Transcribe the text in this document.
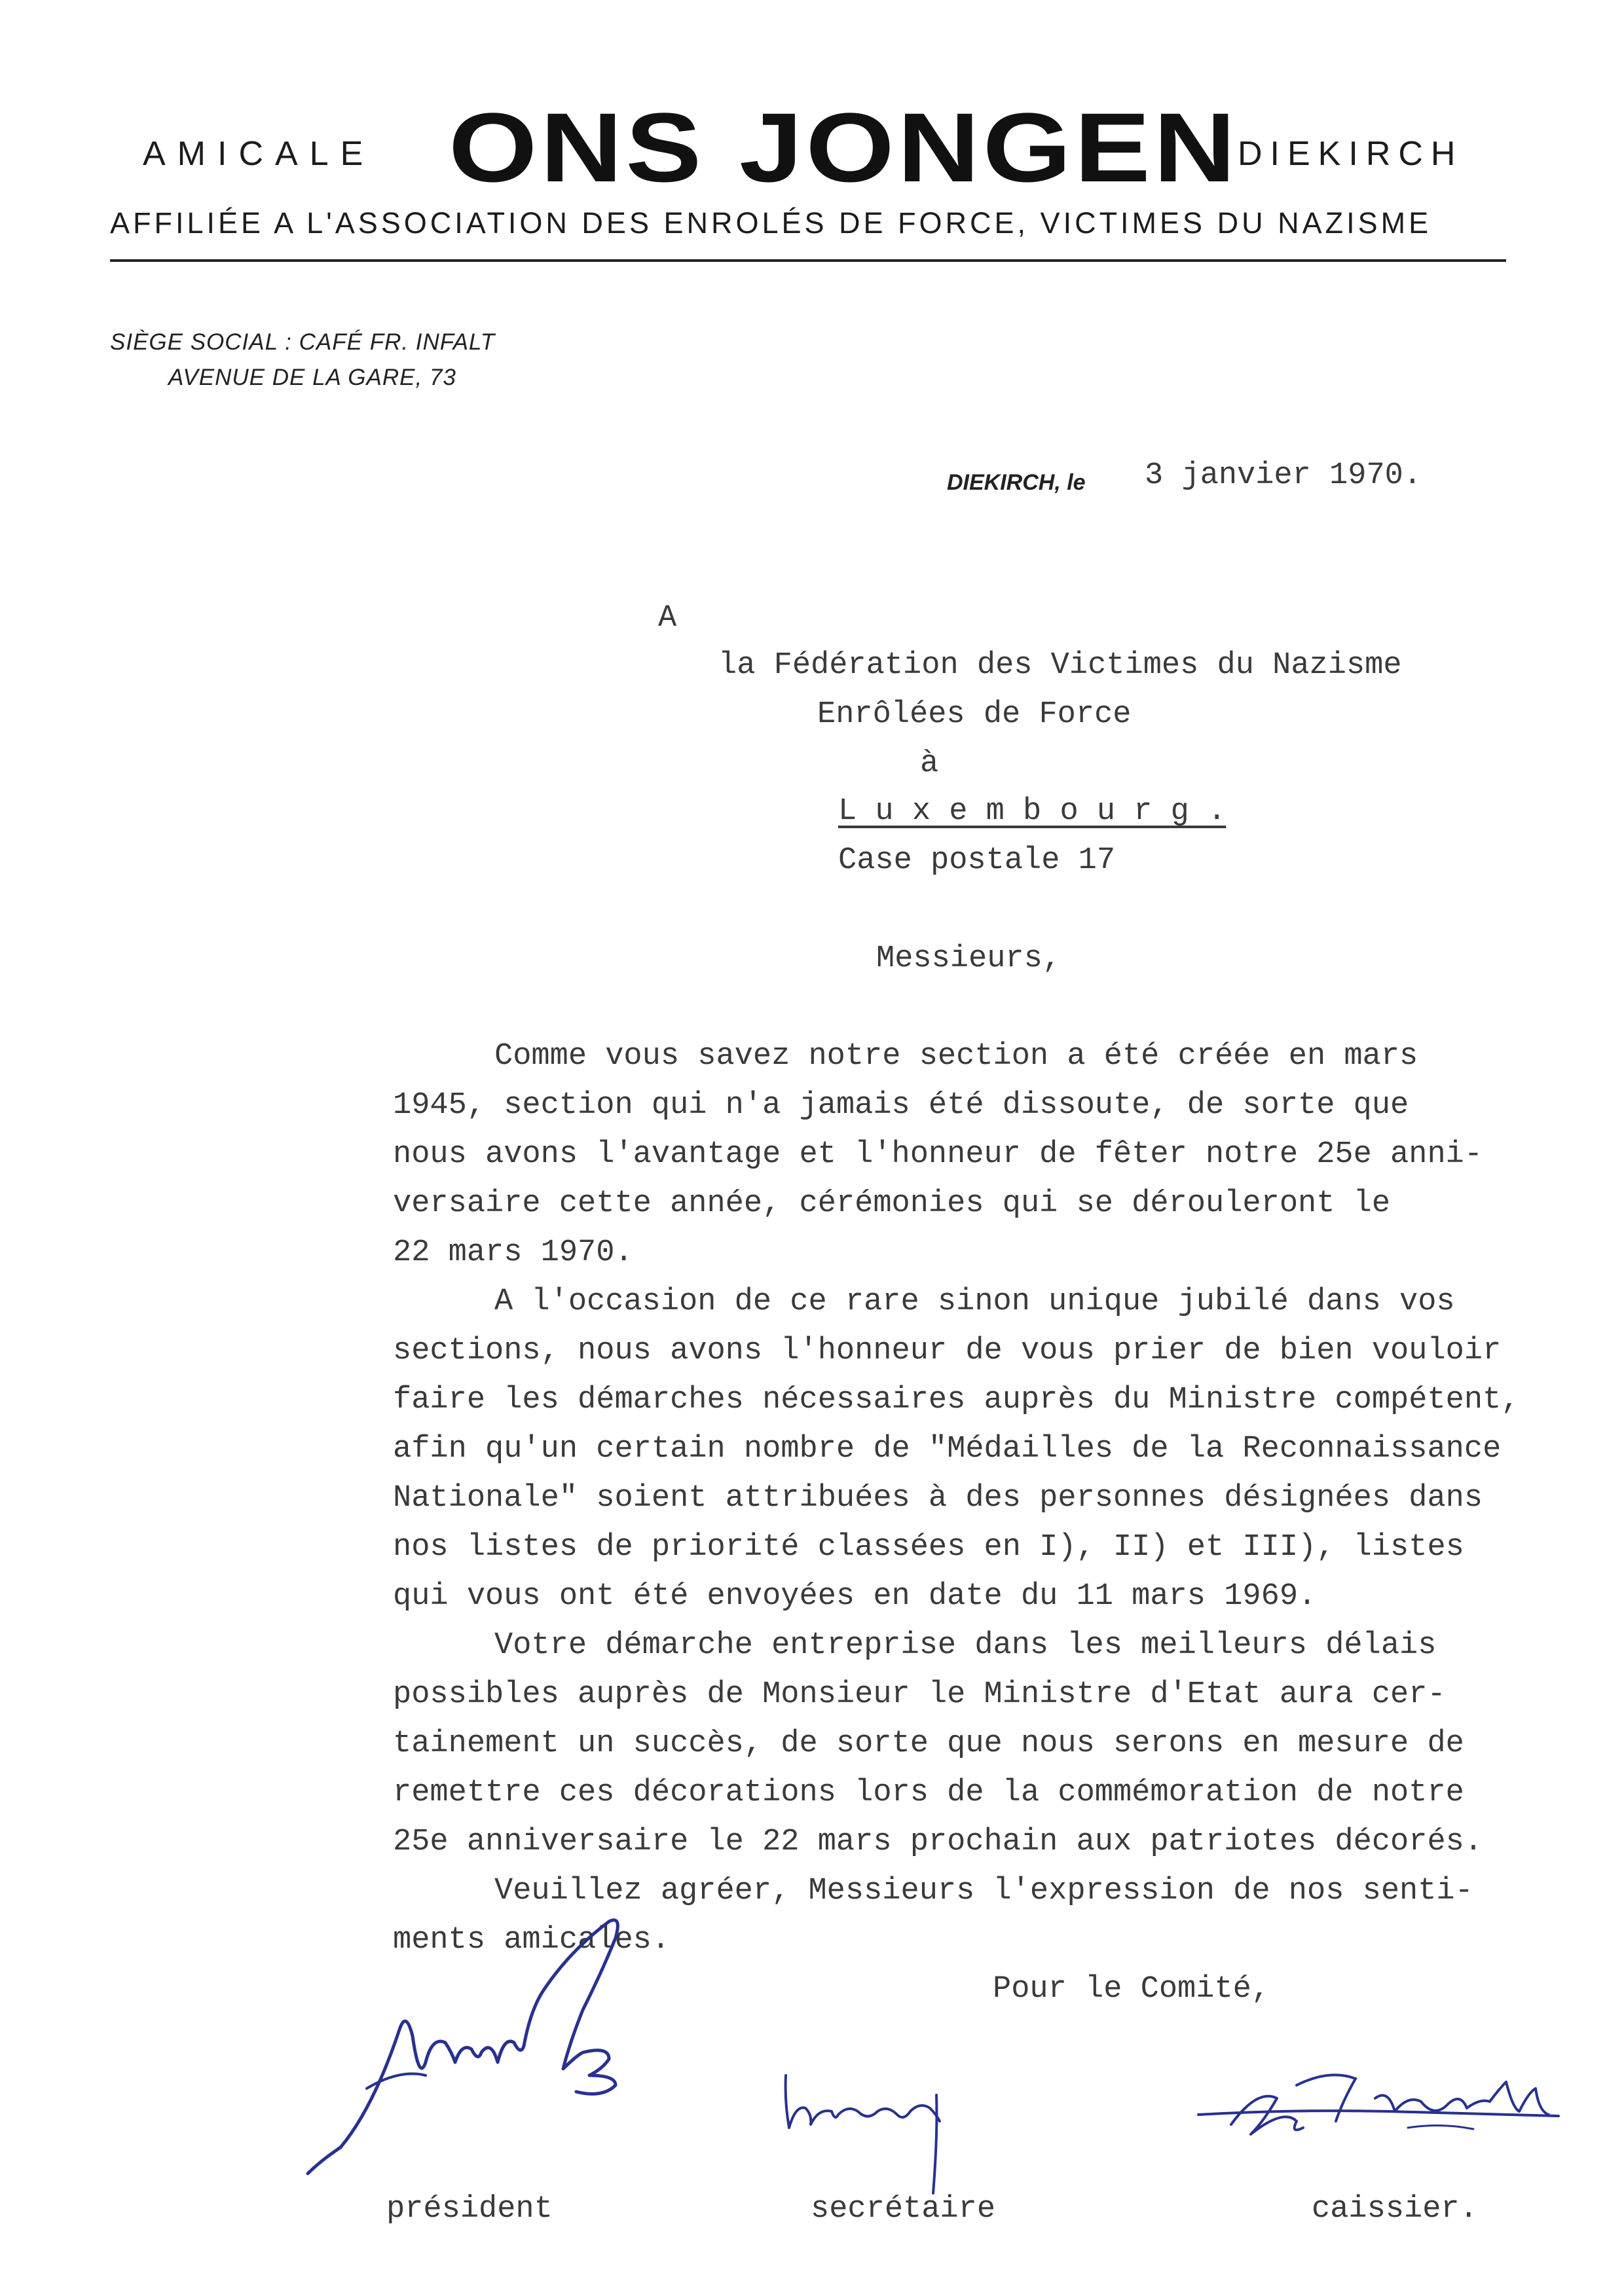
AMICALE ONS JONGEN
DIEKIRCH
AFFILIÉE A L'ASSOCIATION DES ENROLÉS DE FORCE, VICTIMES DU NAZISME
SIÈGE SOCIAL : CAFÉ FR. INFALT
AVENUE DE LA GARE, 73
DIEKIRCH, le 3 janvier 1970.
A
la Fédération des Victimes du Nazisme
Enrôlées de Force
à
L u x e m b o u r g .
Case postale 17
Messieurs,
Comme vous savez notre section a été créée en mars
1945, section qui n'a jamais été dissoute, de sorte que
nous avons l'avantage et l'honneur de fêter notre 25e anni-
versaire cette année, cérémonies qui se dérouleront le
22 mars 1970.
A l'occasion de ce rare sinon unique jubilé dans vos
sections, nous avons l'honneur de vous prier de bien vouloir
faire les démarches nécessaires auprès du Ministre compétent,
afin qu'un certain nombre de "Médailles de la Reconnaissance
Nationale" soient attribuées à des personnes désignées dans
nos listes de priorité classées en I), II) et III), listes
qui vous ont été envoyées en date du 11 mars 1969.
Votre démarche entreprise dans les meilleurs délais
possibles auprès de Monsieur le Ministre d'Etat aura cer-
tainement un succès, de sorte que nous serons en mesure de
remettre ces décorations lors de la commémoration de notre
25e anniversaire le 22 mars prochain aux patriotes décorés.
Veuillez agréer, Messieurs l'expression de nos senti-
ments amicales.
Pour le Comité,
président	secrétaire	caissier.
